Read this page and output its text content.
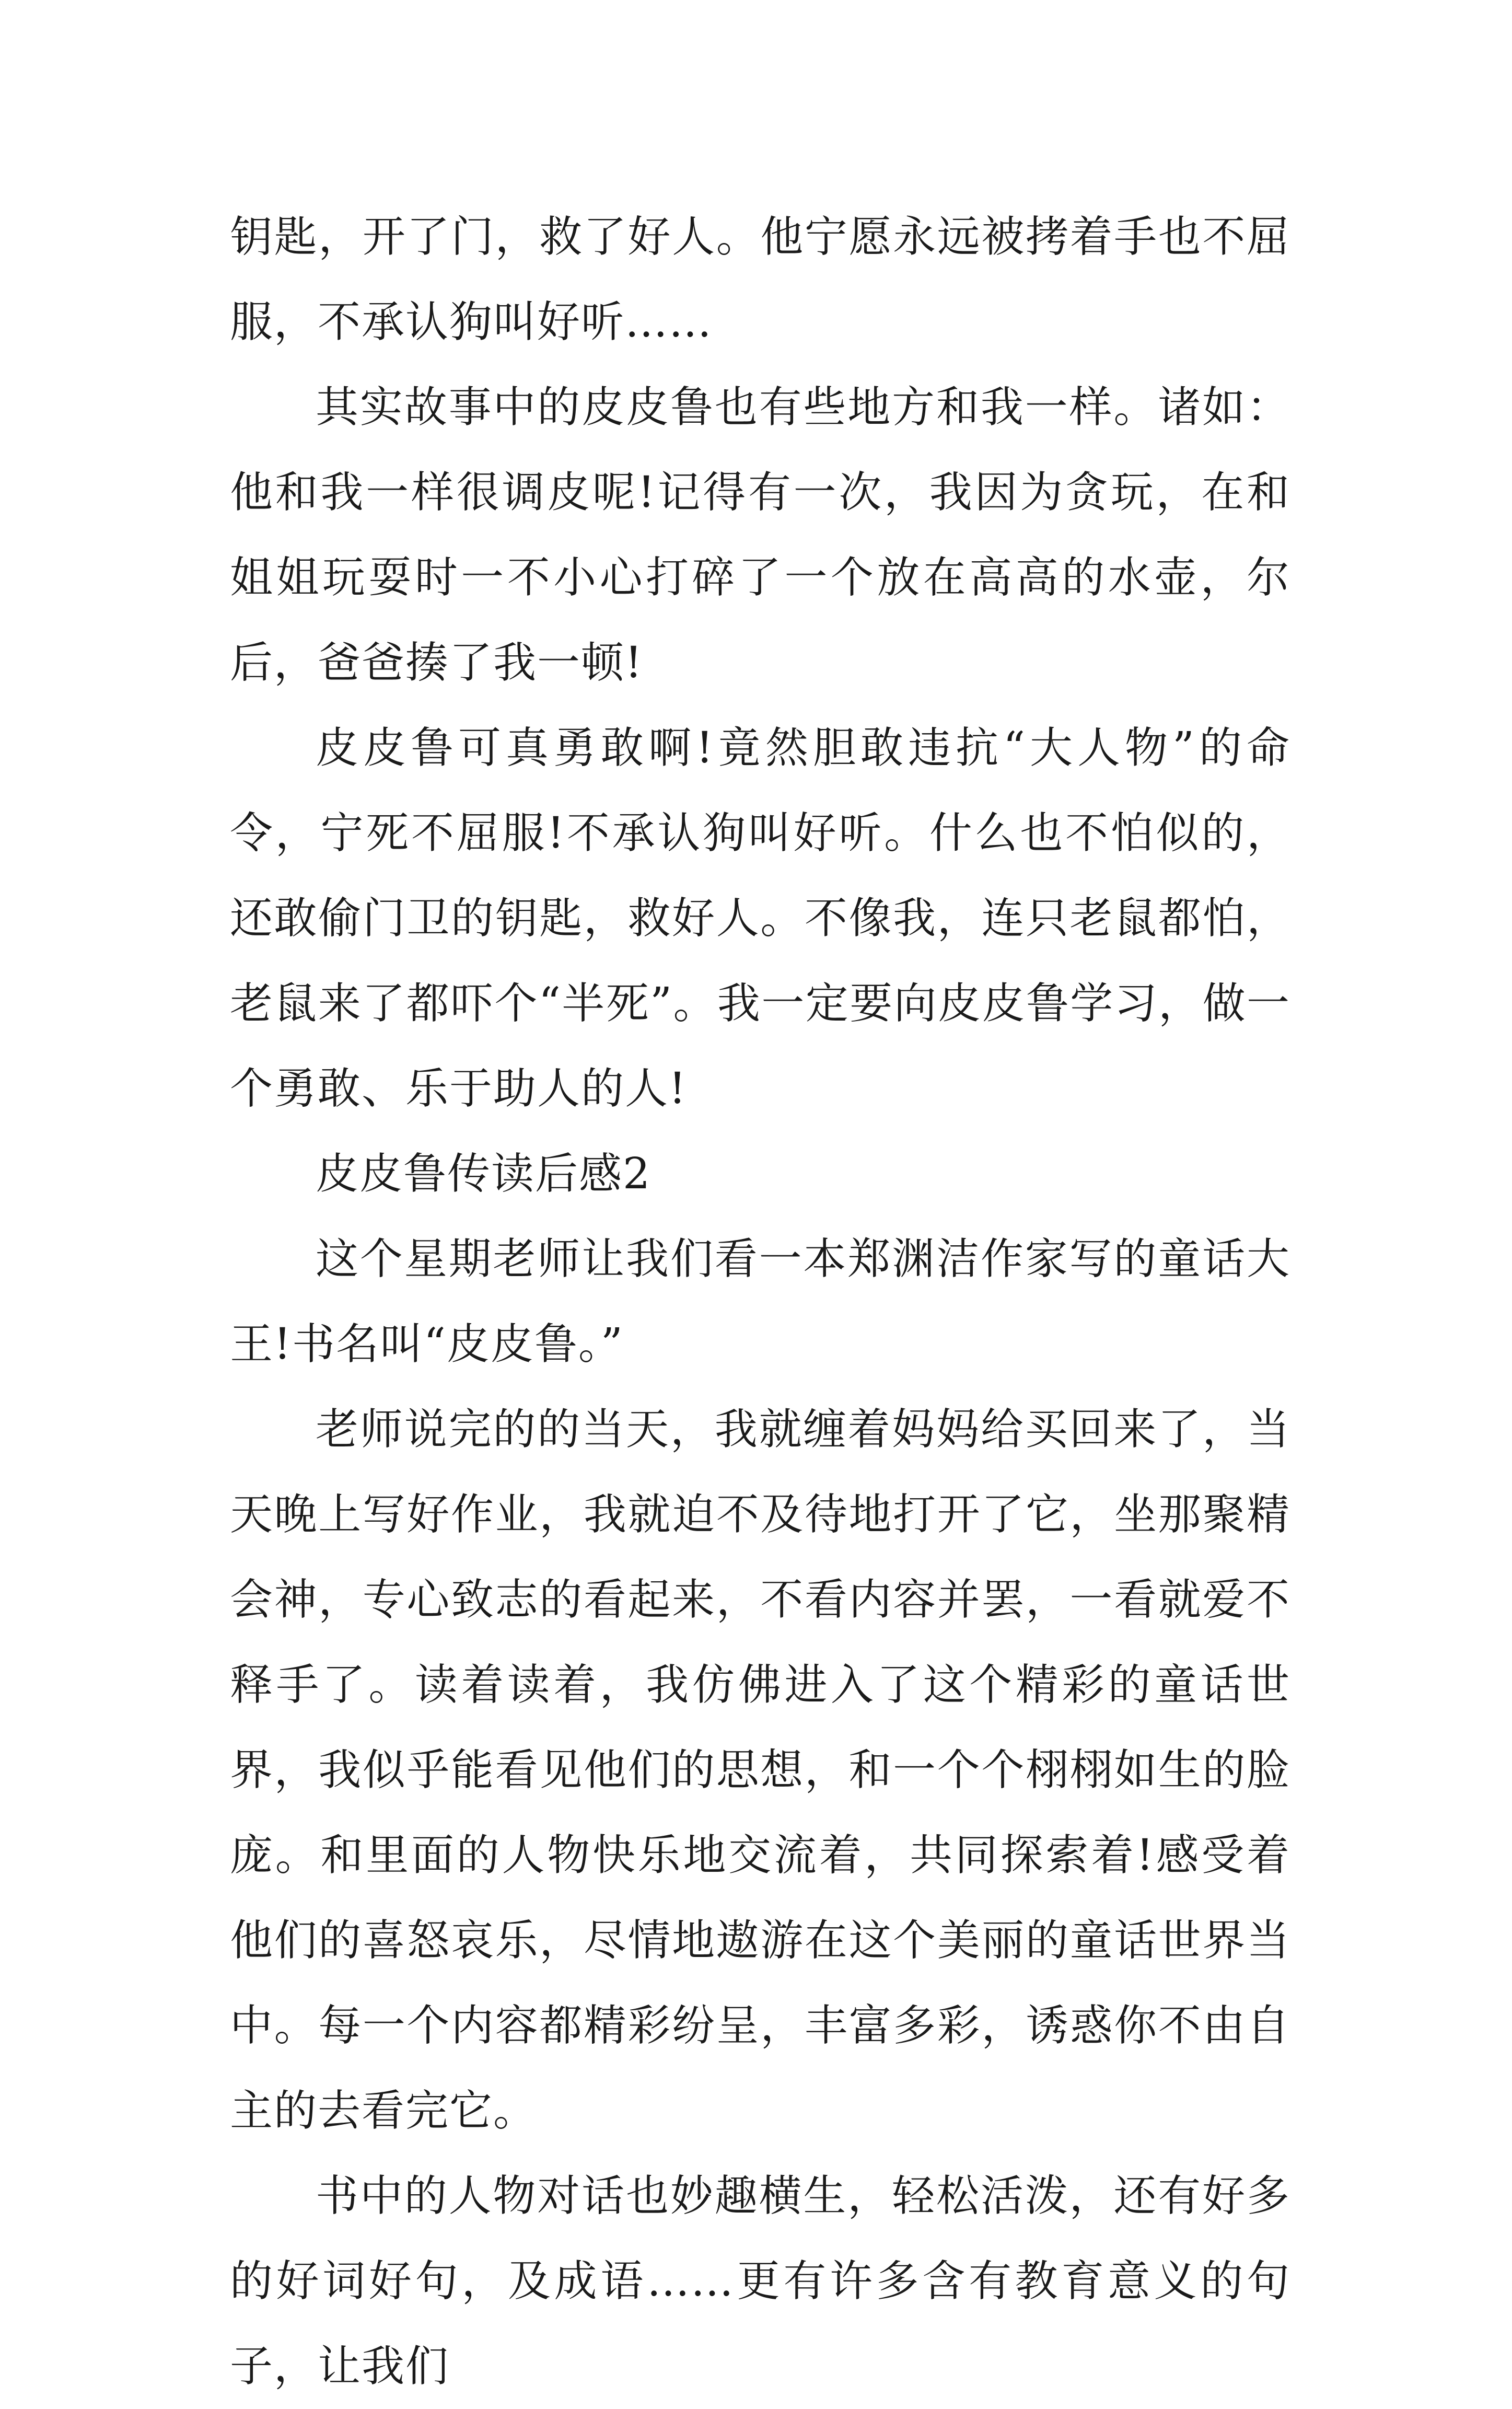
钥匙，开了门，救了好人。他宁愿永远被拷着手也不屈服，不承认狗叫好听……

其实故事中的皮皮鲁也有些地方和我一样。诸如：他和我一样很调皮呢!记得有一次，我因为贪玩，在和姐姐玩耍时一不小心打碎了一个放在高高的水壶，尔后，爸爸揍了我一顿!

皮皮鲁可真勇敢啊!竟然胆敢违抗“大人物”的命令，宁死不屈服!不承认狗叫好听。什么也不怕似的，还敢偷门卫的钥匙，救好人。不像我，连只老鼠都怕，老鼠来了都吓个“半死”。我一定要向皮皮鲁学习，做一个勇敢、乐于助人的人!

皮皮鲁传读后感2

这个星期老师让我们看一本郑渊洁作家写的童话大王!书名叫“皮皮鲁。”

老师说完的的当天，我就缠着妈妈给买回来了，当天晚上写好作业，我就迫不及待地打开了它，坐那聚精会神，专心致志的看起来，不看内容并罢，一看就爱不释手了。读着读着，我仿佛进入了这个精彩的童话世界，我似乎能看见他们的思想，和一个个栩栩如生的脸庞。和里面的人物快乐地交流着，共同探索着!感受着他们的喜怒哀乐，尽情地遨游在这个美丽的童话世界当中。每一个内容都精彩纷呈，丰富多彩，诱惑你不由自主的去看完它。

书中的人物对话也妙趣横生，轻松活泼，还有好多的好词好句，及成语……更有许多含有教育意义的句子，让我们
